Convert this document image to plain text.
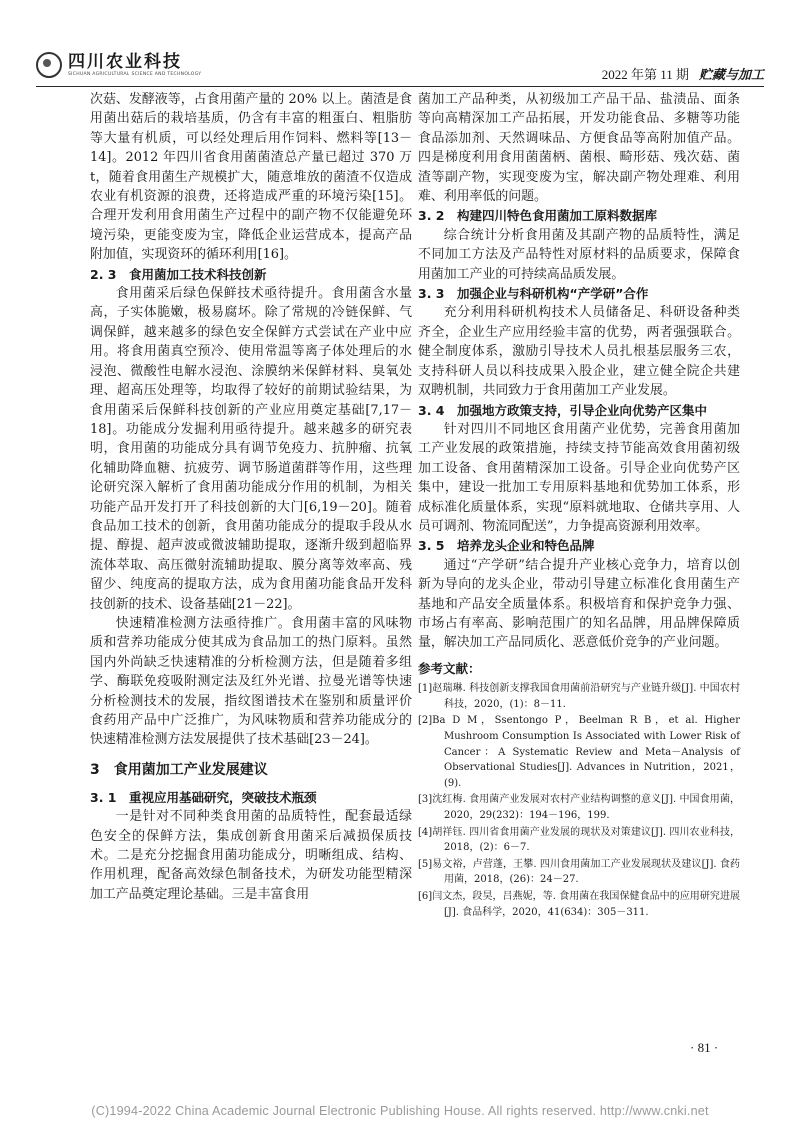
四川农业科技
SICHUAN AGRICULTURAL SCIENCE AND TECHNOLOGY	2022 年第 11 期 贮藏与加工

次菇、发酵液等，占食用菌产量的 20% 以上。菌渣是食用菌出菇后的栽培基质，仍含有丰富的粗蛋白、粗脂肪等大量有机质，可以经处理后用作饲料、燃料等[13－14]。2012 年四川省食用菌菌渣总产量已超过 370 万 t，随着食用菌生产规模扩大，随意堆放的菌渣不仅造成农业有机资源的浪费，还将造成严重的环境污染[15]。合理开发利用食用菌生产过程中的副产物不仅能避免环境污染，更能变废为宝，降低企业运营成本，提高产品附加值，实现资环的循环利用[16]。

2. 3　食用菌加工技术科技创新

食用菌采后绿色保鲜技术亟待提升。食用菌含水量高，子实体脆嫩，极易腐坏。除了常规的冷链保鲜、气调保鲜，越来越多的绿色安全保鲜方式尝试在产业中应用。将食用菌真空预冷、使用常温等离子体处理后的水浸泡、微酸性电解水浸泡、涂膜纳米保鲜材料、臭氧处理、超高压处理等，均取得了较好的前期试验结果，为食用菌采后保鲜科技创新的产业应用奠定基础[7,17－18]。功能成分发掘利用亟待提升。越来越多的研究表明，食用菌的功能成分具有调节免疫力、抗肿瘤、抗氧化辅助降血糖、抗疲劳、调节肠道菌群等作用，这些理论研究深入解析了食用菌功能成分作用的机制，为相关功能产品开发打开了科技创新的大门[6,19－20]。随着食品加工技术的创新，食用菌功能成分的提取手段从水提、醇提、超声波或微波辅助提取，逐渐升级到超临界流体萃取、高压微射流辅助提取、膜分离等效率高、残留少、纯度高的提取方法，成为食用菌功能食品开发科技创新的技术、设备基础[21－22]。

快速精准检测方法亟待推广。食用菌丰富的风味物质和营养功能成分使其成为食品加工的热门原料。虽然国内外尚缺乏快速精准的分析检测方法，但是随着多组学、酶联免疫吸附测定法及红外光谱、拉曼光谱等快速分析检测技术的发展，指纹图谱技术在鉴别和质量评价食药用产品中广泛推广，为风味物质和营养功能成分的快速精准检测方法发展提供了技术基础[23－24]。

3　食用菌加工产业发展建议

3. 1　重视应用基础研究，突破技术瓶颈

一是针对不同种类食用菌的品质特性，配套最适绿色安全的保鲜方法，集成创新食用菌采后减损保质技术。二是充分挖掘食用菌功能成分，明晰组成、结构、作用机理，配备高效绿色制备技术，为研发功能型精深加工产品奠定理论基础。三是丰富食用

菌加工产品种类，从初级加工产品干品、盐渍品、面条等向高精深加工产品拓展，开发功能食品、多糖等功能食品添加剂、天然调味品、方便食品等高附加值产品。四是梯度利用食用菌菌柄、菌根、畸形菇、残次菇、菌渣等副产物，实现变废为宝，解决副产物处理难、利用难、利用率低的问题。

3. 2　构建四川特色食用菌加工原料数据库

综合统计分析食用菌及其副产物的品质特性，满足不同加工方法及产品特性对原材料的品质要求，保障食用菌加工产业的可持续高品质发展。

3. 3　加强企业与科研机构“产学研”合作

充分利用科研机构技术人员储备足、科研设备种类齐全，企业生产应用经验丰富的优势，两者强强联合。健全制度体系，激励引导技术人员扎根基层服务三农，支持科研人员以科技成果入股企业，建立健全院企共建双聘机制，共同致力于食用菌加工产业发展。

3. 4　加强地方政策支持，引导企业向优势产区集中

针对四川不同地区食用菌产业优势，完善食用菌加工产业发展的政策措施，持续支持节能高效食用菌初级加工设备、食用菌精深加工设备。引导企业向优势产区集中，建设一批加工专用原料基地和优势加工体系，形成标准化质量体系，实现“原料就地取、仓储共享用、人员可调剂、物流同配送”，力争提高资源利用效率。

3. 5　培养龙头企业和特色品牌

通过“产学研”结合提升产业核心竞争力，培育以创新为导向的龙头企业，带动引导建立标准化食用菌生产基地和产品安全质量体系。积极培育和保护竞争力强、市场占有率高、影响范围广的知名品牌，用品牌保障质量，解决加工产品同质化、恶意低价竞争的产业问题。

参考文献：

[1]赵瑞琳. 科技创新支撑我国食用菌前沿研究与产业链升级[J]. 中国农村科技，2020，(1)：8－11.

[2]Ba D M，Ssentongo P，Beelman R B，et al. Higher Mushroom Consumption Is Associated with Lower Risk of Cancer：A Systematic Review and Meta－Analysis of Observational Studies[J]. Advances in Nutrition，2021，(9).

[3]沈红梅. 食用菌产业发展对农村产业结构调整的意义[J]. 中国食用菌，2020，29(232)：194－196，199.

[4]胡祥钰. 四川省食用菌产业发展的现状及对策建议[J]. 四川农业科技，2018，(2)：6－7.

[5]易文裕，卢营蓬，王攀. 四川食用菌加工产业发展现状及建议[J]. 食药用菌，2018，(26)：24－27.

[6]闫文杰，段昊，吕燕妮，等. 食用菌在我国保健食品中的应用研究进展[J]. 食品科学，2020，41(634)：305－311.

· 81 ·
(C)1994-2022 China Academic Journal Electronic Publishing House. All rights reserved. http://www.cnki.net
